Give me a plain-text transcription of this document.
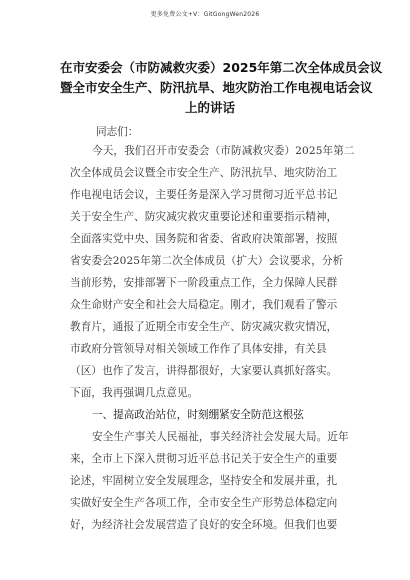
更多免费公文+V：GitGongWen2026
在市安委会（市防减救灾委）2025年第二次全体成员会议
暨全市安全生产、防汛抗旱、地灾防治工作电视电话会议
上的讲话
同志们：
今天，我们召开市安委会（市防减救灾委）2025年第二
次全体成员会议暨全市安全生产、防汛抗旱、地灾防治工
作电视电话会议，主要任务是深入学习贯彻习近平总书记
关于安全生产、防灾减灾救灾重要论述和重要指示精神，
全面落实党中央、国务院和省委、省政府决策部署，按照
省安委会2025年第二次全体成员（扩大）会议要求，分析
当前形势，安排部署下一阶段重点工作，全力保障人民群
众生命财产安全和社会大局稳定。刚才，我们观看了警示
教育片，通报了近期全市安全生产、防灾减灾救灾情况，
市政府分管领导对相关领域工作作了具体安排，有关县
（区）也作了发言，讲得都很好，大家要认真抓好落实。
下面，我再强调几点意见。
一、提高政治站位，时刻绷紧安全防范这根弦
安全生产事关人民福祉，事关经济社会发展大局。近年
来，全市上下深入贯彻习近平总书记关于安全生产的重要
论述，牢固树立安全发展理念，坚持安全和发展并重，扎
实做好安全生产各项工作，全市安全生产形势总体稳定向
好，为经济社会发展营造了良好的安全环境。但我们也要
